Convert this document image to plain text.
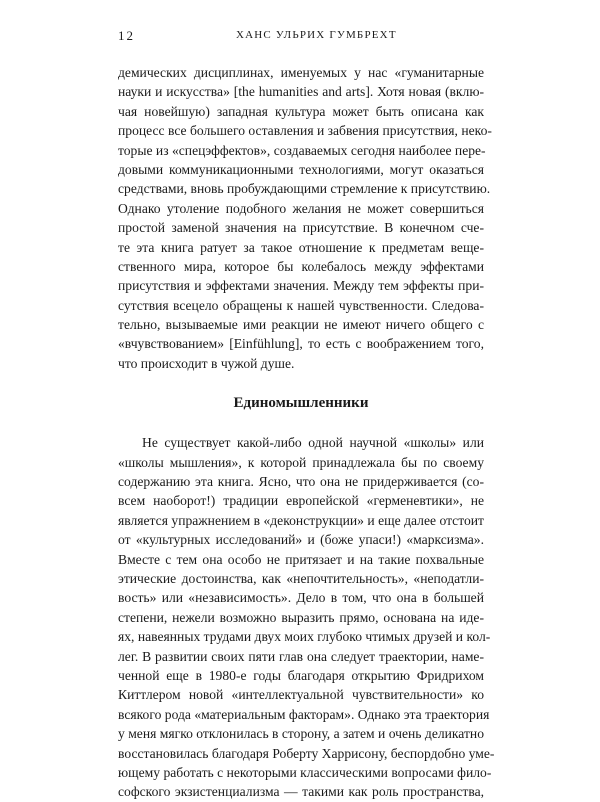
12	ХАНС УЛЬРИХ ГУМБРЕХТ
демических дисциплинах, именуемых у нас «гуманитарные
науки и искусства» [the humanities and arts]. Хотя новая (вклю-
чая новейшую) западная культура может быть описана как
процесс все большего оставления и забвения присутствия, неко-
торые из «спецэффектов», создаваемых сегодня наиболее пере-
довыми коммуникационными технологиями, могут оказаться
средствами, вновь пробуждающими стремление к присутствию.
Однако утоление подобного желания не может совершиться
простой заменой значения на присутствие. В конечном сче-
те эта книга ратует за такое отношение к предметам веще-
ственного мира, которое бы колебалось между эффектами
присутствия и эффектами значения. Между тем эффекты при-
сутствия всецело обращены к нашей чувственности. Следова-
тельно, вызываемые ими реакции не имеют ничего общего с
«вчувствованием» [Einfühlung], то есть с воображением того,
что происходит в чужой душе.
Единомышленники
Не существует какой-либо одной научной «школы» или
«школы мышления», к которой принадлежала бы по своему
содержанию эта книга. Ясно, что она не придерживается (со-
всем наоборот!) традиции европейской «герменевтики», не
является упражнением в «деконструкции» и еще далее отстоит
от «культурных исследований» и (боже упаси!) «марксизма».
Вместе с тем она особо не притязает и на такие похвальные
этические достоинства, как «непочтительность», «неподатли-
вость» или «независимость». Дело в том, что она в большей
степени, нежели возможно выразить прямо, основана на иде-
ях, навеянных трудами двух моих глубоко чтимых друзей и кол-
лег. В развитии своих пяти глав она следует траектории, наме-
ченной еще в 1980-е годы благодаря открытию Фридрихом
Киттлером новой «интеллектуальной чувствительности» ко
всякого рода «материальным факторам». Однако эта траектория
у меня мягко отклонилась в сторону, а затем и очень деликатно
восстановилась благодаря Роберту Харрисону, беспордобно уме-
ющему работать с некоторыми классическими вопросами фило-
софского экзистенциализма — такими как роль пространства,
